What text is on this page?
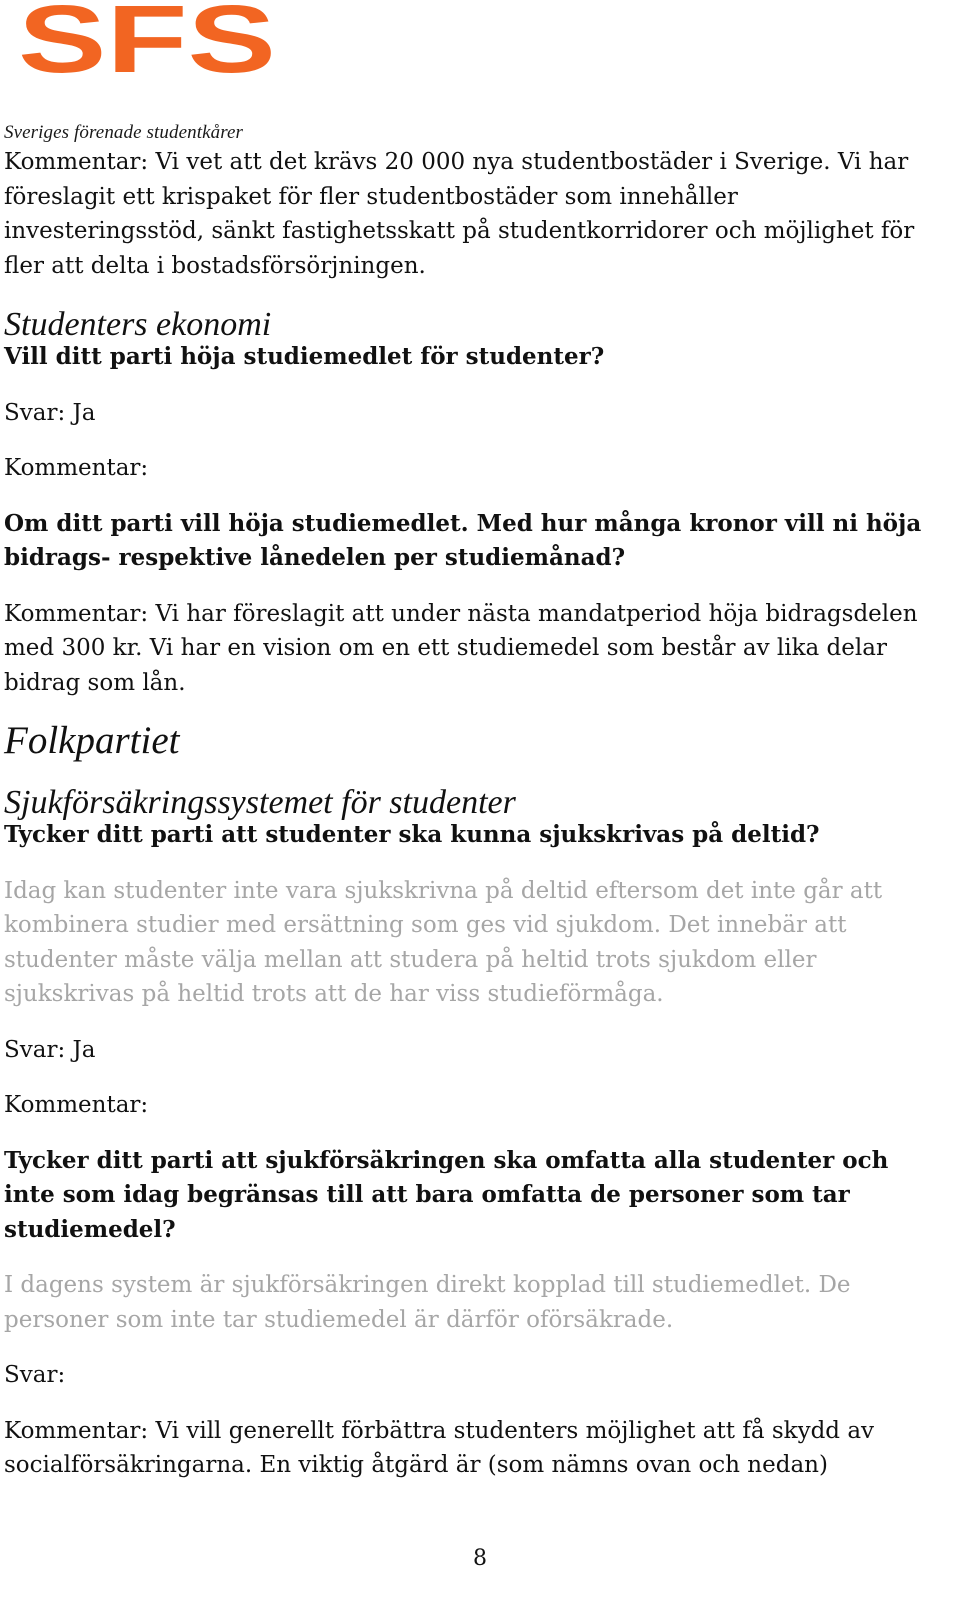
SFS
Sveriges förenade studentkårer

Kommentar: Vi vet att det krävs 20 000 nya studentbostäder i Sverige. Vi har föreslagit ett krispaket för fler studentbostäder som innehåller investeringsstöd, sänkt fastighetsskatt på studentkorridorer och möjlighet för fler att delta i bostadsförsörjningen.

Studenters ekonomi

Vill ditt parti höja studiemedlet för studenter?

Svar: Ja

Kommentar:

Om ditt parti vill höja studiemedlet. Med hur många kronor vill ni höja bidrags- respektive lånedelen per studiemånad?

Kommentar: Vi har föreslagit att under nästa mandatperiod höja bidragsdelen med 300 kr. Vi har en vision om en ett studiemedel som består av lika delar bidrag som lån.

Folkpartiet

Sjukförsäkringssystemet för studenter

Tycker ditt parti att studenter ska kunna sjukskrivas på deltid?

Idag kan studenter inte vara sjukskrivna på deltid eftersom det inte går att kombinera studier med ersättning som ges vid sjukdom. Det innebär att studenter måste välja mellan att studera på heltid trots sjukdom eller sjukskrivas på heltid trots att de har viss studieförmåga.

Svar: Ja

Kommentar:

Tycker ditt parti att sjukförsäkringen ska omfatta alla studenter och inte som idag begränsas till att bara omfatta de personer som tar studiemedel?

I dagens system är sjukförsäkringen direkt kopplad till studiemedlet. De personer som inte tar studiemedel är därför oförsäkrade.

Svar:

Kommentar: Vi vill generellt förbättra studenters möjlighet att få skydd av socialförsäkringarna. En viktig åtgärd är (som nämns ovan och nedan)

8
